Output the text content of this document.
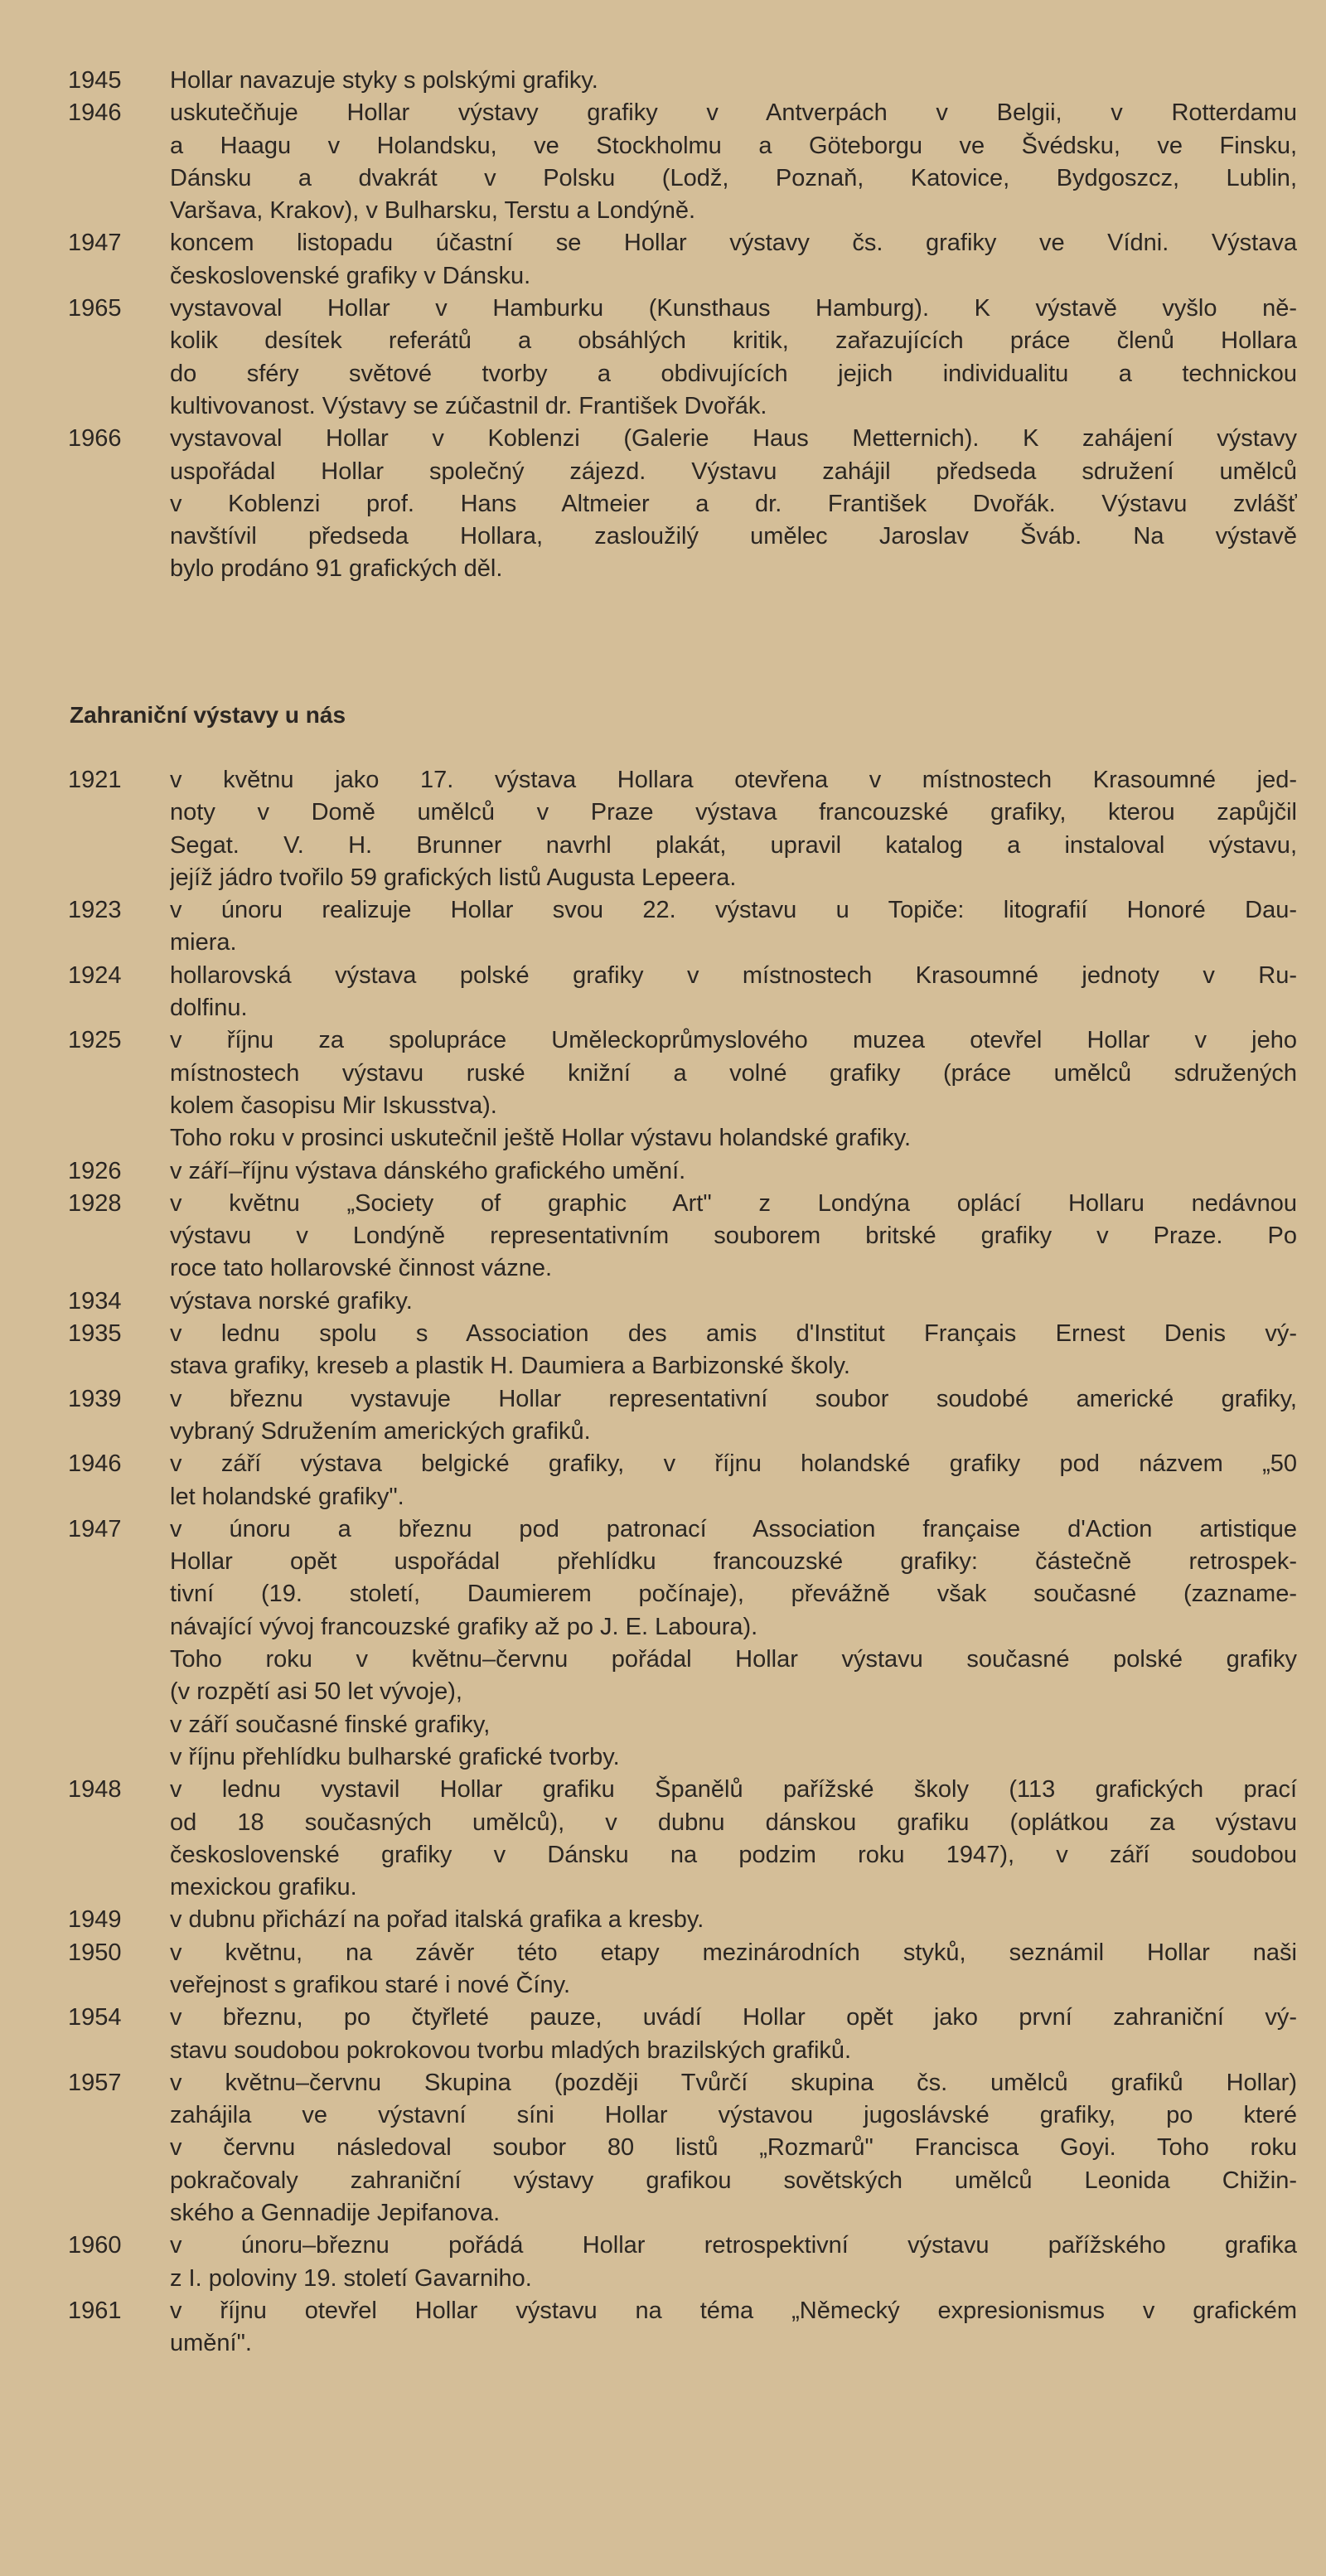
1945 Hollar navazuje styky s polskými grafiky.
1946 uskutečňuje Hollar výstavy grafiky v Antverpách v Belgii, v Rotterdamu
a Haagu v Holandsku, ve Stockholmu a Göteborgu ve Švédsku, ve Finsku,
Dánsku a dvakrát v Polsku (Lodž, Poznaň, Katovice, Bydgoszcz, Lublin,
Varšava, Krakov), v Bulharsku, Terstu a Londýně.
1947 koncem listopadu účastní se Hollar výstavy čs. grafiky ve Vídni. Výstava
československé grafiky v Dánsku.
1965 vystavoval Hollar v Hamburku (Kunsthaus Hamburg). K výstavě vyšlo ně-
kolik desítek referátů a obsáhlých kritik, zařazujících práce členů Hollara
do sféry světové tvorby a obdivujících jejich individualitu a technickou
kultivovanost. Výstavy se zúčastnil dr. František Dvořák.
1966 vystavoval Hollar v Koblenzi (Galerie Haus Metternich). K zahájení výstavy
uspořádal Hollar společný zájezd. Výstavu zahájil předseda sdružení umělců
v Koblenzi prof. Hans Altmeier a dr. František Dvořák. Výstavu zvlášť
navštívil předseda Hollara, zasloužilý umělec Jaroslav Šváb. Na výstavě
bylo prodáno 91 grafických děl.
Zahraniční výstavy u nás
1921 v květnu jako 17. výstava Hollara otevřena v místnostech Krasoumné jed-
noty v Domě umělců v Praze výstava francouzské grafiky, kterou zapůjčil
Segat. V. H. Brunner navrhl plakát, upravil katalog a instaloval výstavu,
jejíž jádro tvořilo 59 grafických listů Augusta Lepeera.
1923 v únoru realizuje Hollar svou 22. výstavu u Topiče: litografií Honoré Dau-
miera.
1924 hollarovská výstava polské grafiky v místnostech Krasoumné jednoty v Ru-
dolfinu.
1925 v říjnu za spolupráce Uměleckoprůmyslového muzea otevřel Hollar v jeho
místnostech výstavu ruské knižní a volné grafiky (práce umělců sdružených
kolem časopisu Mir Iskusstva).
Toho roku v prosinci uskutečnil ještě Hollar výstavu holandské grafiky.
1926 v září–říjnu výstava dánského grafického umění.
1928 v květnu „Society of graphic Art" z Londýna oplácí Hollaru nedávnou
výstavu v Londýně representativním souborem britské grafiky v Praze. Po
roce tato hollarovské činnost vázne.
1934 výstava norské grafiky.
1935 v lednu spolu s Association des amis d'Institut Français Ernest Denis vý-
stava grafiky, kreseb a plastik H. Daumiera a Barbizonské školy.
1939 v březnu vystavuje Hollar representativní soubor soudobé americké grafiky,
vybraný Sdružením amerických grafiků.
1946 v září výstava belgické grafiky, v říjnu holandské grafiky pod názvem „50
let holandské grafiky".
1947 v únoru a březnu pod patronací Association française d'Action artistique
Hollar opět uspořádal přehlídku francouzské grafiky: částečně retrospek-
tivní (19. století, Daumierem počínaje), převážně však současné (zazname-
návající vývoj francouzské grafiky až po J. E. Laboura).
Toho roku v květnu–červnu pořádal Hollar výstavu současné polské grafiky
(v rozpětí asi 50 let vývoje),
v září současné finské grafiky,
v říjnu přehlídku bulharské grafické tvorby.
1948 v lednu vystavil Hollar grafiku Španělů pařížské školy (113 grafických prací
od 18 současných umělců), v dubnu dánskou grafiku (oplátkou za výstavu
československé grafiky v Dánsku na podzim roku 1947), v září soudobou
mexickou grafiku.
1949 v dubnu přichází na pořad italská grafika a kresby.
1950 v květnu, na závěr této etapy mezinárodních styků, seznámil Hollar naši
veřejnost s grafikou staré i nové Číny.
1954 v březnu, po čtyřleté pauze, uvádí Hollar opět jako první zahraniční vý-
stavu soudobou pokrokovou tvorbu mladých brazilských grafiků.
1957 v květnu–červnu Skupina (později Tvůrčí skupina čs. umělců grafiků Hollar)
zahájila ve výstavní síni Hollar výstavou jugoslávské grafiky, po které
v červnu následoval soubor 80 listů „Rozmarů" Francisca Goyi. Toho roku
pokračovaly zahraniční výstavy grafikou sovětských umělců Leonida Chižin-
ského a Gennadije Jepifanova.
1960 v únoru–březnu pořádá Hollar retrospektivní výstavu pařížského grafika
z I. poloviny 19. století Gavarniho.
1961 v říjnu otevřel Hollar výstavu na téma „Německý expresionismus v grafickém
umění".
